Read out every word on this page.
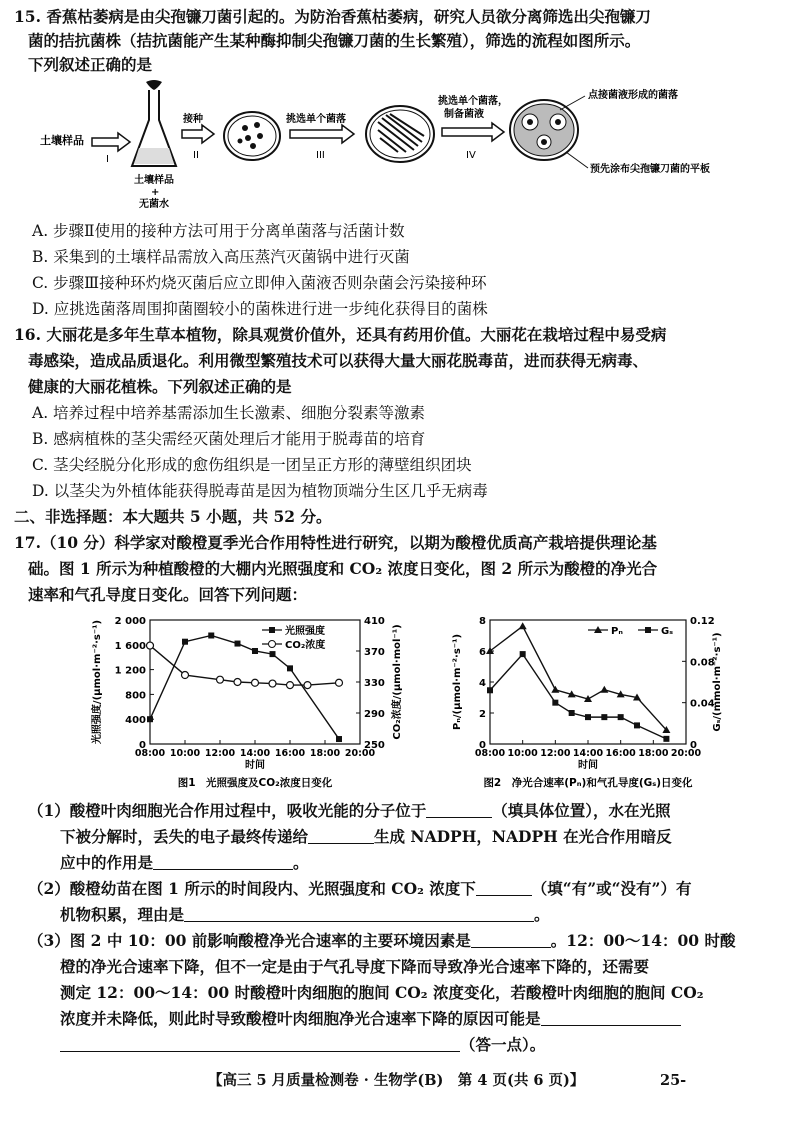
15. 香蕉枯萎病是由尖孢镰刀菌引起的。为防治香蕉枯萎病，研究人员欲分离筛选出尖孢镰刀
菌的拮抗菌株（拮抗菌能产生某种酶抑制尖孢镰刀菌的生长繁殖），筛选的流程如图所示。
下列叙述正确的是
土壤样品
I
土壤样品
+
无菌水
接种
II
挑选单个菌落
III
挑选单个菌落，
制备菌液
IV
点接菌液形成的菌落
预先涂布尖孢镰刀菌的平板
A. 步骤Ⅱ使用的接种方法可用于分离单菌落与活菌计数
B. 采集到的土壤样品需放入高压蒸汽灭菌锅中进行灭菌
C. 步骤Ⅲ接种环灼烧灭菌后应立即伸入菌液否则杂菌会污染接种环
D. 应挑选菌落周围抑菌圈较小的菌株进行进一步纯化获得目的菌株
16. 大丽花是多年生草本植物，除具观赏价值外，还具有药用价值。大丽花在栽培过程中易受病
毒感染，造成品质退化。利用微型繁殖技术可以获得大量大丽花脱毒苗，进而获得无病毒、
健康的大丽花植株。下列叙述正确的是
A. 培养过程中培养基需添加生长激素、细胞分裂素等激素
B. 感病植株的茎尖需经灭菌处理后才能用于脱毒苗的培育
C. 茎尖经脱分化形成的愈伤组织是一团呈正方形的薄壁组织团块
D. 以茎尖为外植体能获得脱毒苗是因为植物顶端分生区几乎无病毒
二、非选择题：本大题共 5 小题，共 52 分。
17.（10 分）科学家对酸橙夏季光合作用特性进行研究，以期为酸橙优质高产栽培提供理论基
础。图 1 所示为种植酸橙的大棚内光照强度和 CO₂ 浓度日变化，图 2 所示为酸橙的净光合
速率和气孔导度日变化。回答下列问题：
08:00 10:00 12:00 14:00 16:00 18:00 20:00
0
400
800
1 200
1 600
2 000
250
290
330
370
410
时间
光照强度/(μmol·m⁻²·s⁻¹)	CO₂浓度/(μmol·mol⁻¹)
图1　光照强度及CO₂浓度日变化
光照强度
CO₂浓度
08:00 10:00 12:00 14:00 16:00 18:00 20:00
0
2
4
6
8
0
0.04
0.08
0.12
时间
Pₙ/(μmol·m⁻²·s⁻¹)	Gₛ/(mmol·m⁻²·s⁻¹)
图2　净光合速率(Pₙ)和气孔导度(Gₛ)日变化
Pₙ	Gₛ
（1）酸橙叶肉细胞光合作用过程中，吸收光能的分子位于	（填具体位置），水在光照
下被分解时，丢失的电子最终传递给	生成 NADPH，NADPH 在光合作用暗反
应中的作用是	。
（2）酸橙幼苗在图 1 所示的时间段内、光照强度和 CO₂ 浓度下	（填“有”或“没有”）有
机物积累，理由是	。
（3）图 2 中 10：00 前影响酸橙净光合速率的主要环境因素是	。12：00～14：00 时酸
橙的净光合速率下降，但不一定是由于气孔导度下降而导致净光合速率下降的，还需要
测定 12：00～14：00 时酸橙叶肉细胞的胞间 CO₂ 浓度变化，若酸橙叶肉细胞的胞间 CO₂
浓度并未降低，则此时导致酸橙叶肉细胞净光合速率下降的原因可能是
（答一点）。
【高三 5 月质量检测卷 · 生物学(B)　第 4 页(共 6 页)】	25-
